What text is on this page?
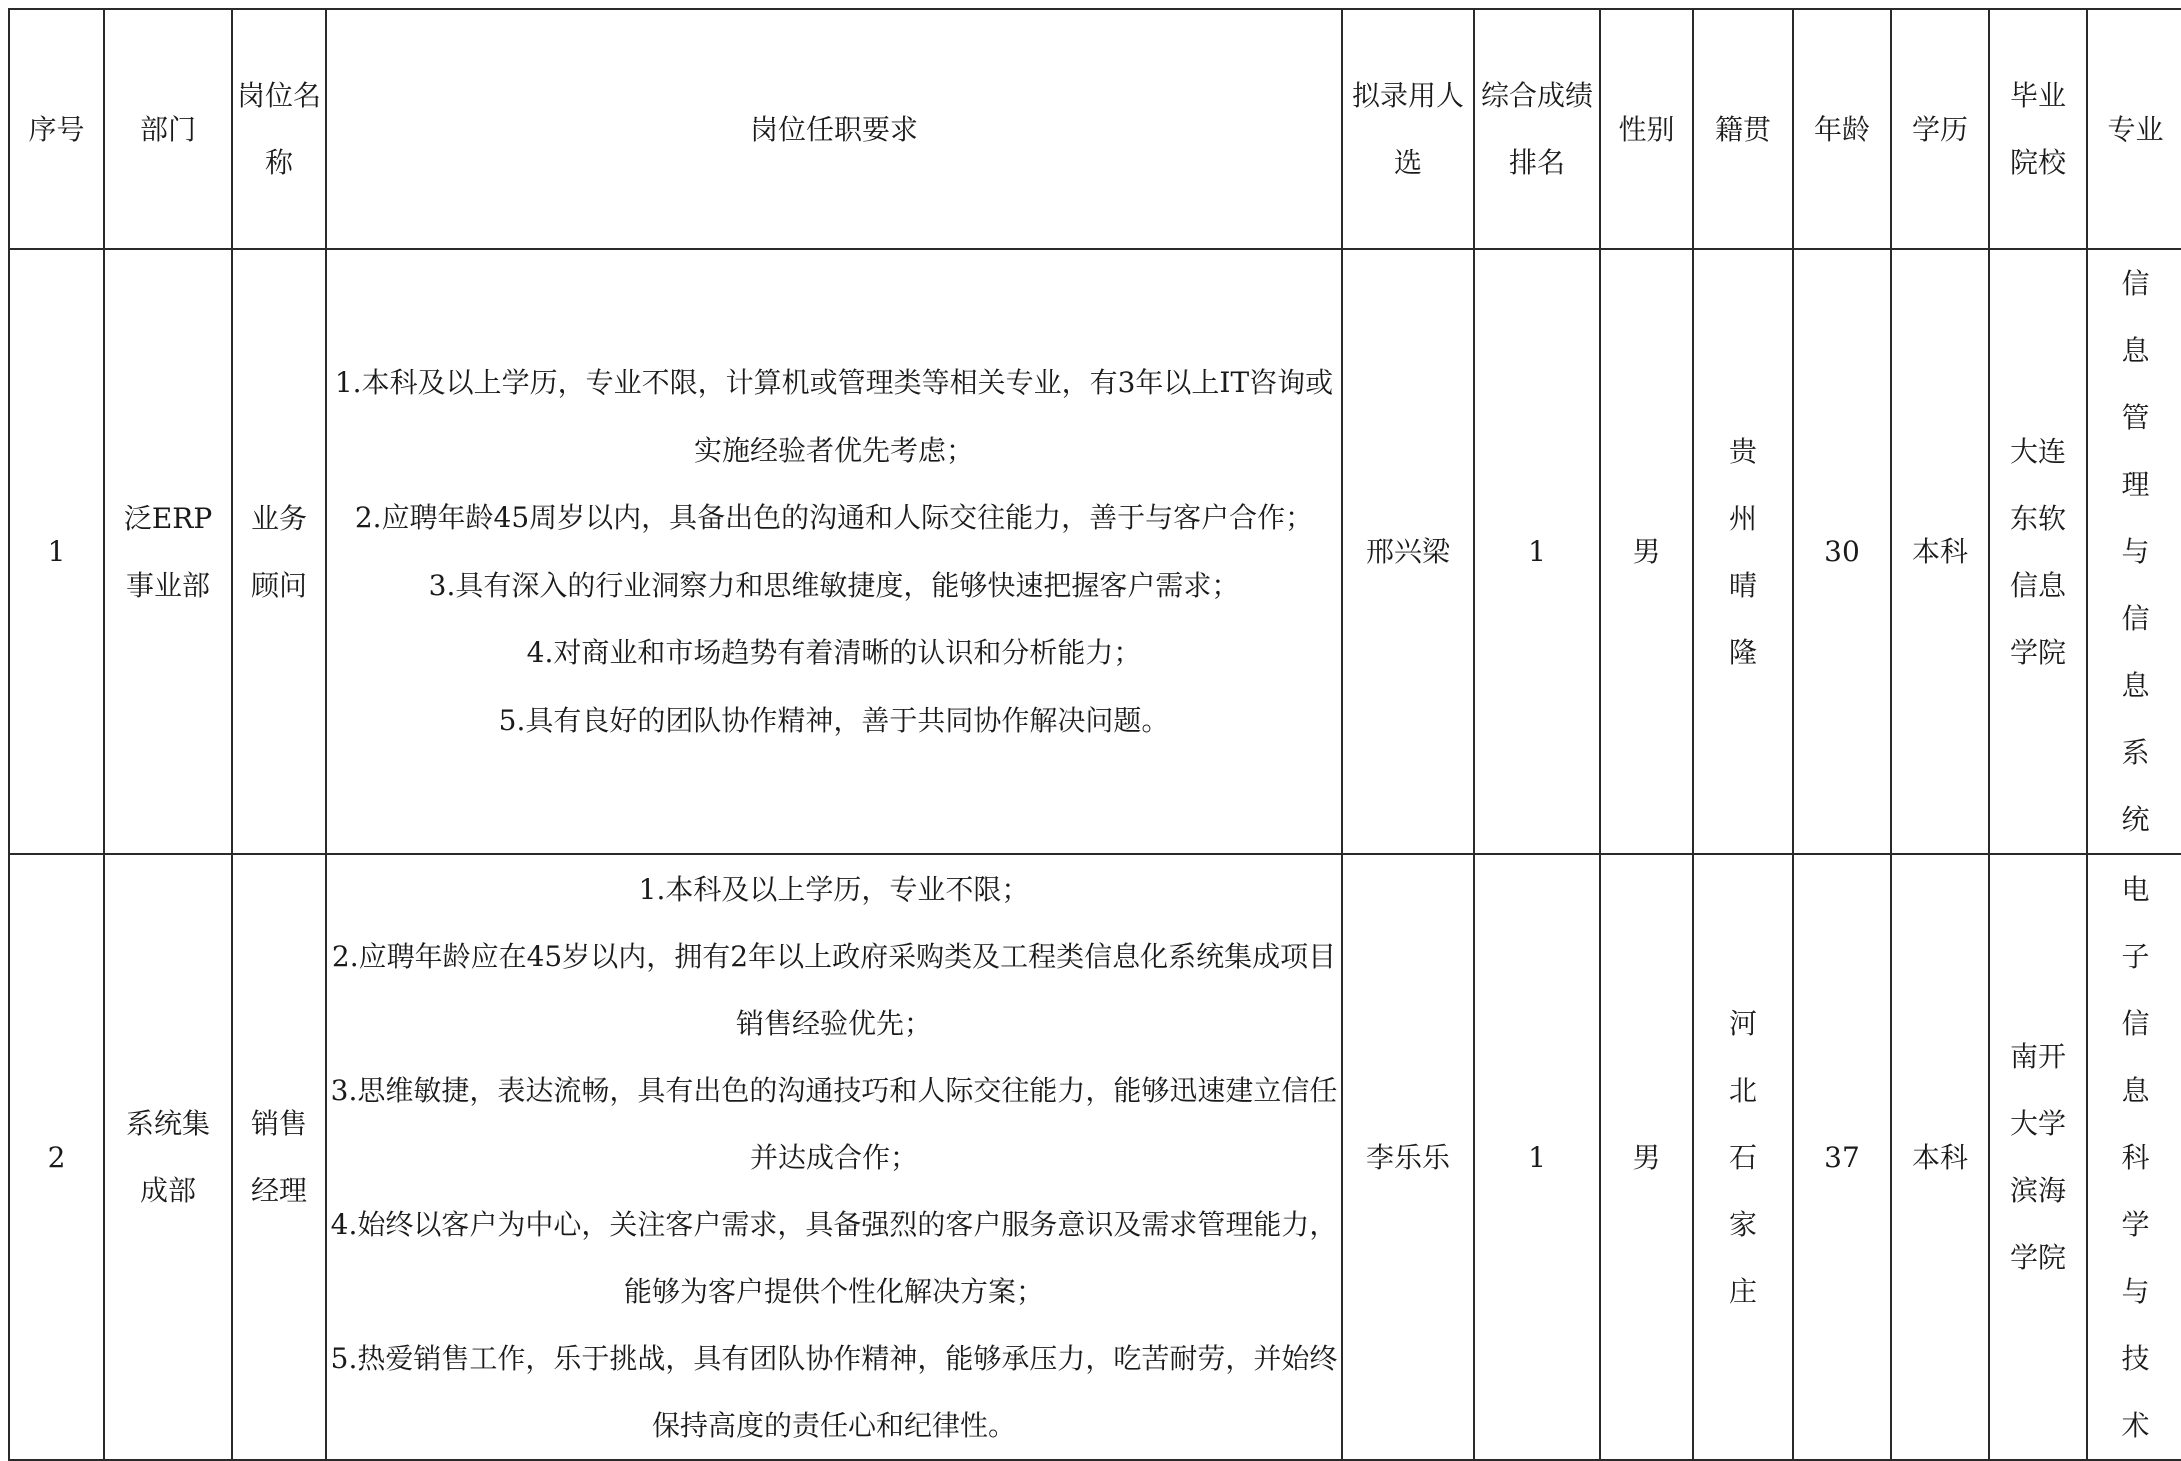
序号	部门	岗位名称	岗位任职要求	拟录用人选	综合成绩排名	性别	籍贯	年龄	学历	毕业院校	专业
1	泛ERP事业部	业务顾问	1.本科及以上学历，专业不限，计算机或管理类等相关专业，有3年以上IT咨询或实施经验者优先考虑；
2.应聘年龄45周岁以内，具备出色的沟通和人际交往能力，善于与客户合作；
3.具有深入的行业洞察力和思维敏捷度，能够快速把握客户需求；
4.对商业和市场趋势有着清晰的认识和分析能力；
5.具有良好的团队协作精神，善于共同协作解决问题。	邢兴梁	1	男	贵州晴隆	30	本科	大连东软信息学院	信息管理与信息系统
2	系统集成部	销售经理	1.本科及以上学历，专业不限；
2.应聘年龄应在45岁以内，拥有2年以上政府采购类及工程类信息化系统集成项目销售经验优先；
3.思维敏捷，表达流畅，具有出色的沟通技巧和人际交往能力，能够迅速建立信任并达成合作；
4.始终以客户为中心，关注客户需求，具备强烈的客户服务意识及需求管理能力，能够为客户提供个性化解决方案；
5.热爱销售工作，乐于挑战，具有团队协作精神，能够承压力，吃苦耐劳，并始终保持高度的责任心和纪律性。	李乐乐	1	男	河北石家庄	37	本科	南开大学滨海学院	电子信息科学与技术
